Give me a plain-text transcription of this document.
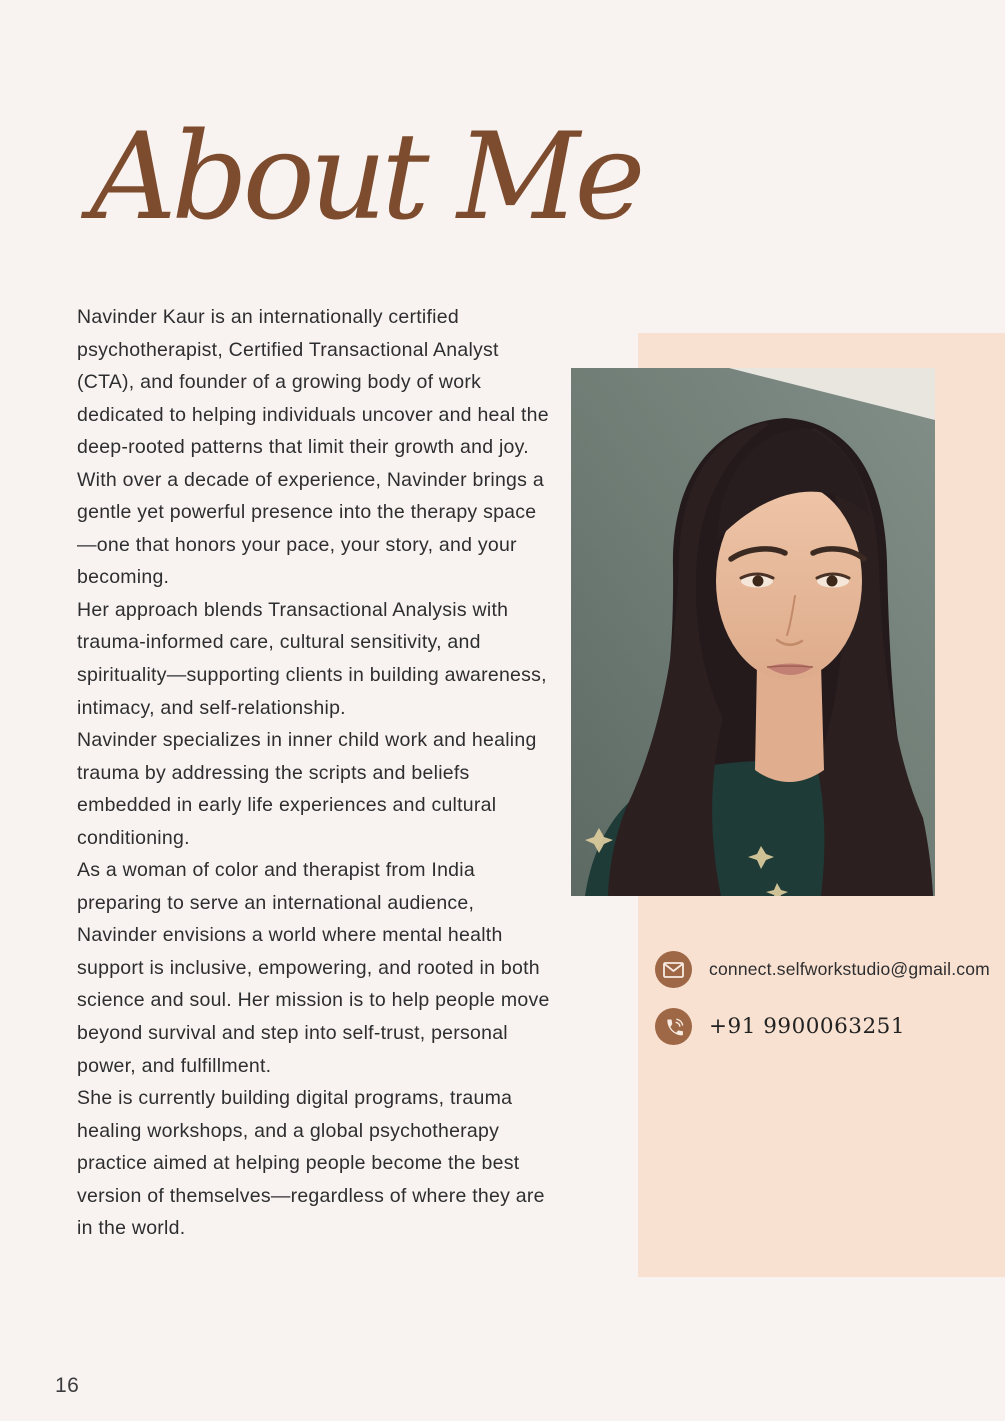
About Me

Navinder Kaur is an internationally certified psychotherapist, Certified Transactional Analyst (CTA), and founder of a growing body of work dedicated to helping individuals uncover and heal the deep-rooted patterns that limit their growth and joy.

With over a decade of experience, Navinder brings a gentle yet powerful presence into the therapy space—one that honors your pace, your story, and your becoming.

Her approach blends Transactional Analysis with trauma-informed care, cultural sensitivity, and spirituality—supporting clients in building awareness, intimacy, and self-relationship.

Navinder specializes in inner child work and healing trauma by addressing the scripts and beliefs embedded in early life experiences and cultural conditioning.

As a woman of color and therapist from India preparing to serve an international audience, Navinder envisions a world where mental health support is inclusive, empowering, and rooted in both science and soul. Her mission is to help people move beyond survival and step into self-trust, personal power, and fulfillment.

She is currently building digital programs, trauma healing workshops, and a global psychotherapy practice aimed at helping people become the best version of themselves—regardless of where they are in the world.

connect.selfworkstudio@gmail.com
+91 9900063251
16
